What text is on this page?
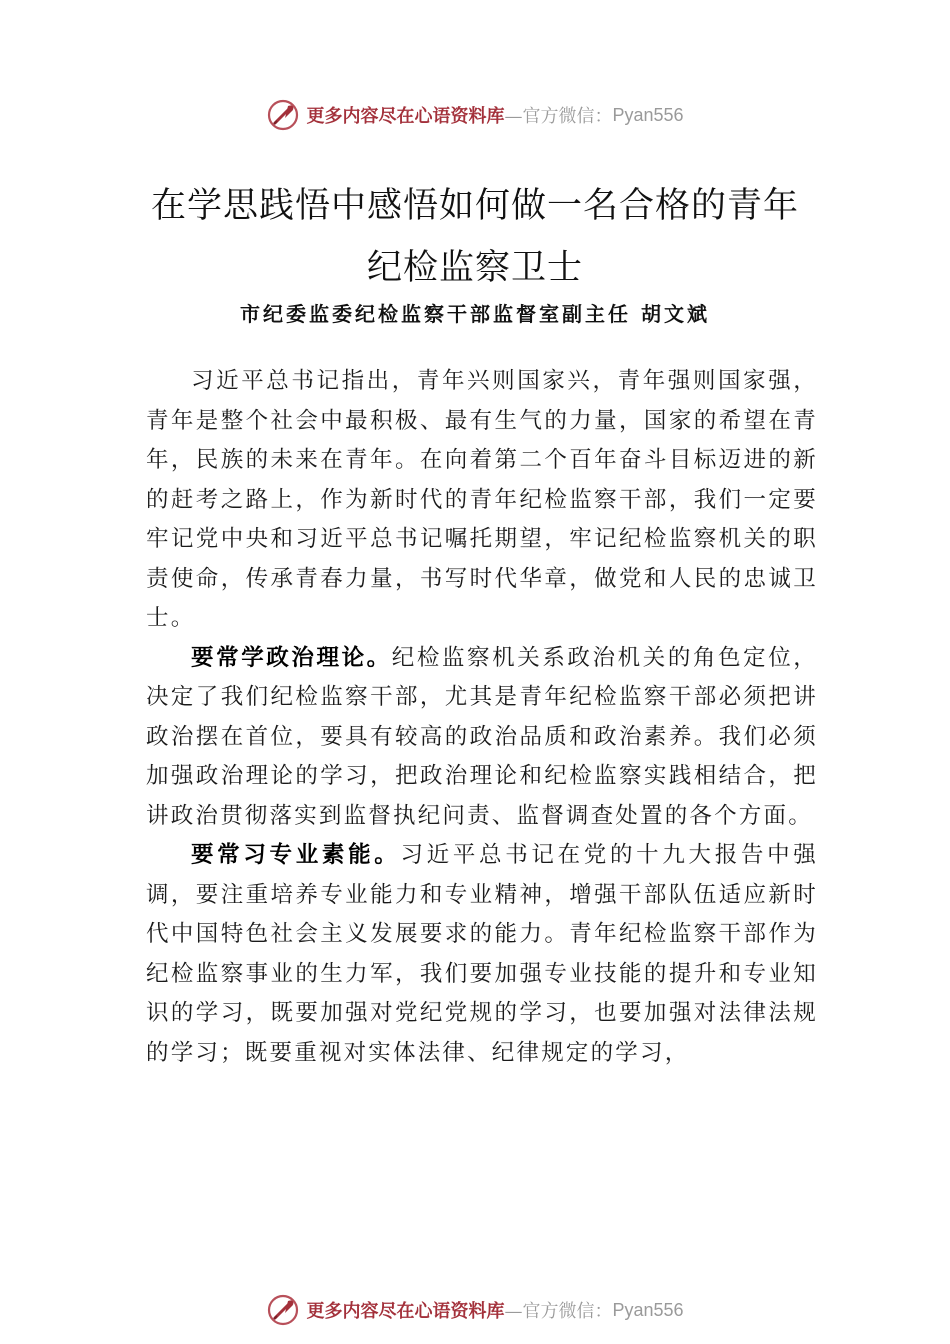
更多内容尽在心语资料库 —官方微信： Pyan556
在学思践悟中感悟如何做一名合格的青年
纪检监察卫士
市纪委监委纪检监察干部监督室副主任 胡文斌

习近平总书记指出，青年兴则国家兴，青年强则国家强，青年是整个社会中最积极、最有生气的力量，国家的希望在青年，民族的未来在青年。在向着第二个百年奋斗目标迈进的新的赶考之路上，作为新时代的青年纪检监察干部，我们一定要牢记党中央和习近平总书记嘱托期望，牢记纪检监察机关的职责使命，传承青春力量，书写时代华章，做党和人民的忠诚卫士。

要常学政治理论。纪检监察机关系政治机关的角色定位，决定了我们纪检监察干部，尤其是青年纪检监察干部必须把讲政治摆在首位，要具有较高的政治品质和政治素养。我们必须加强政治理论的学习，把政治理论和纪检监察实践相结合，把讲政治贯彻落实到监督执纪问责、监督调查处置的各个方面。

要常习专业素能。习近平总书记在党的十九大报告中强调，要注重培养专业能力和专业精神，增强干部队伍适应新时代中国特色社会主义发展要求的能力。青年纪检监察干部作为纪检监察事业的生力军，我们要加强专业技能的提升和专业知识的学习，既要加强对党纪党规的学习，也要加强对法律法规的学习；既要重视对实体法律、纪律规定的学习，

更多内容尽在心语资料库 —官方微信： Pyan556
